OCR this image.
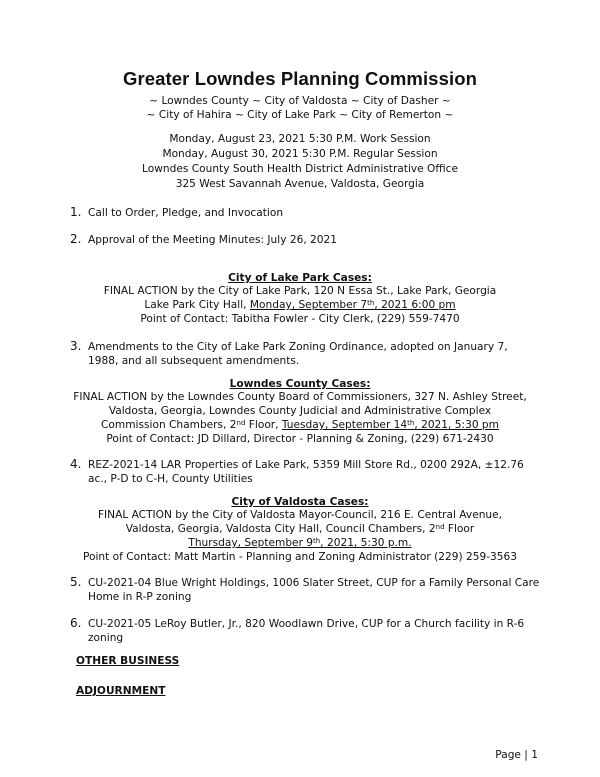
Greater Lowndes Planning Commission
~ Lowndes County ~ City of Valdosta ~ City of Dasher ~
~ City of Hahira ~ City of Lake Park ~ City of Remerton ~
Monday, August 23, 2021 5:30 P.M. Work Session
Monday, August 30, 2021 5:30 P.M. Regular Session
Lowndes County South Health District Administrative Office
325 West Savannah Avenue, Valdosta, Georgia
1. Call to Order, Pledge, and Invocation
2. Approval of the Meeting Minutes: July 26, 2021
City of Lake Park Cases:
FINAL ACTION by the City of Lake Park, 120 N Essa St., Lake Park, Georgia
Lake Park City Hall, Monday, September 7th, 2021 6:00 pm
Point of Contact: Tabitha Fowler - City Clerk, (229) 559-7470
3. Amendments to the City of Lake Park Zoning Ordinance, adopted on January 7, 1988, and all subsequent amendments.
Lowndes County Cases:
FINAL ACTION by the Lowndes County Board of Commissioners, 327 N. Ashley Street,
Valdosta, Georgia, Lowndes County Judicial and Administrative Complex
Commission Chambers, 2nd Floor, Tuesday, September 14th, 2021, 5:30 pm
Point of Contact: JD Dillard, Director - Planning & Zoning, (229) 671-2430
4. REZ-2021-14 LAR Properties of Lake Park, 5359 Mill Store Rd., 0200 292A, ±12.76 ac., P-D to C-H, County Utilities
City of Valdosta Cases:
FINAL ACTION by the City of Valdosta Mayor-Council, 216 E. Central Avenue,
Valdosta, Georgia, Valdosta City Hall, Council Chambers, 2nd Floor
Thursday, September 9th, 2021, 5:30 p.m.
Point of Contact: Matt Martin - Planning and Zoning Administrator (229) 259-3563
5. CU-2021-04 Blue Wright Holdings, 1006 Slater Street, CUP for a Family Personal Care Home in R-P zoning
6. CU-2021-05 LeRoy Butler, Jr., 820 Woodlawn Drive, CUP for a Church facility in R-6 zoning
OTHER BUSINESS
ADJOURNMENT
Page | 1
